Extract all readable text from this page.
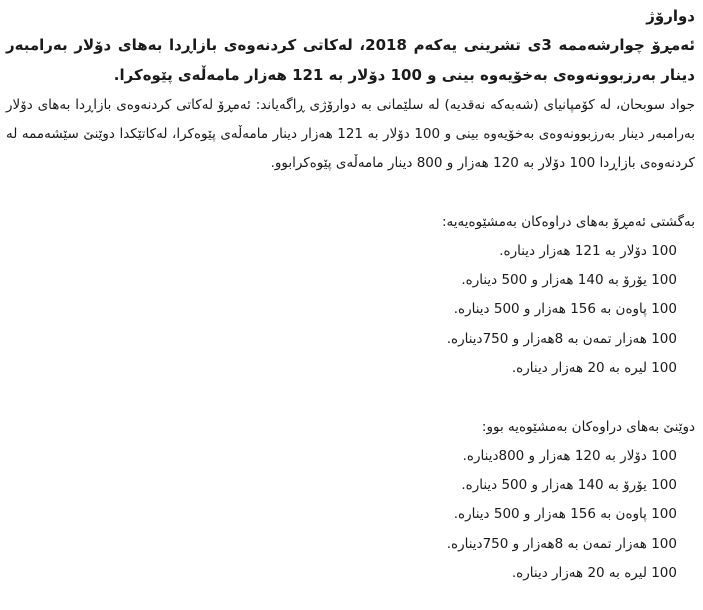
دوارۆژ

ئەمڕۆ چوارشەممە 3ی تشرینی یەکەم 2018، لەکاتی کردنەوەی بازاڕدا بەهای دۆلار بەرامبەر دینار بەرزبوونەوەی بەخۆیەوە بینی و 100 دۆلار بە 121 هەزار مامەڵەی پێوەکرا.

جواد سوبحان، لە کۆمپانیای (شەبەکە نەقدیە) لە سلێمانی بە دوارۆژی ڕاگەیاند: ئەمڕۆ لەکاتی کردنەوەی بازاڕدا بەهای دۆلار بەرامبەر دینار بەرزبوونەوەی بەخۆیەوە بینی و 100 دۆلار بە 121 هەزار دینار مامەڵەی پێوەکرا، لەکاتێکدا دوێنێ سێشەممە لە کردنەوەی بازاڕدا 100 دۆلار بە 120 هەزار و 800 دینار مامەڵەی پێوەکرابوو.

بەگشتی ئەمڕۆ بەهای دراوەکان بەمشێوەیەیە:

100 دۆلار بە 121 هەزار دینارە.
100 یۆرۆ بە 140 هەزار و 500 دینارە.
100 پاوەن بە 156 هەزار و 500 دینارە.
100 هەزار تمەن بە 8هەزار و 750دینارە.
100 لیرە بە 20 هەزار دینارە.

دوێنێ بەهای دراوەکان بەمشێوەیە بوو:

100 دۆلار بە 120 هەزار و 800دینارە.
100 یۆرۆ بە 140 هەزار و 500 دینارە.
100 پاوەن بە 156 هەزار و 500 دینارە.
100 هەزار تمەن بە 8هەزار و 750دینارە.
100 لیرە بە 20 هەزار دینارە.
